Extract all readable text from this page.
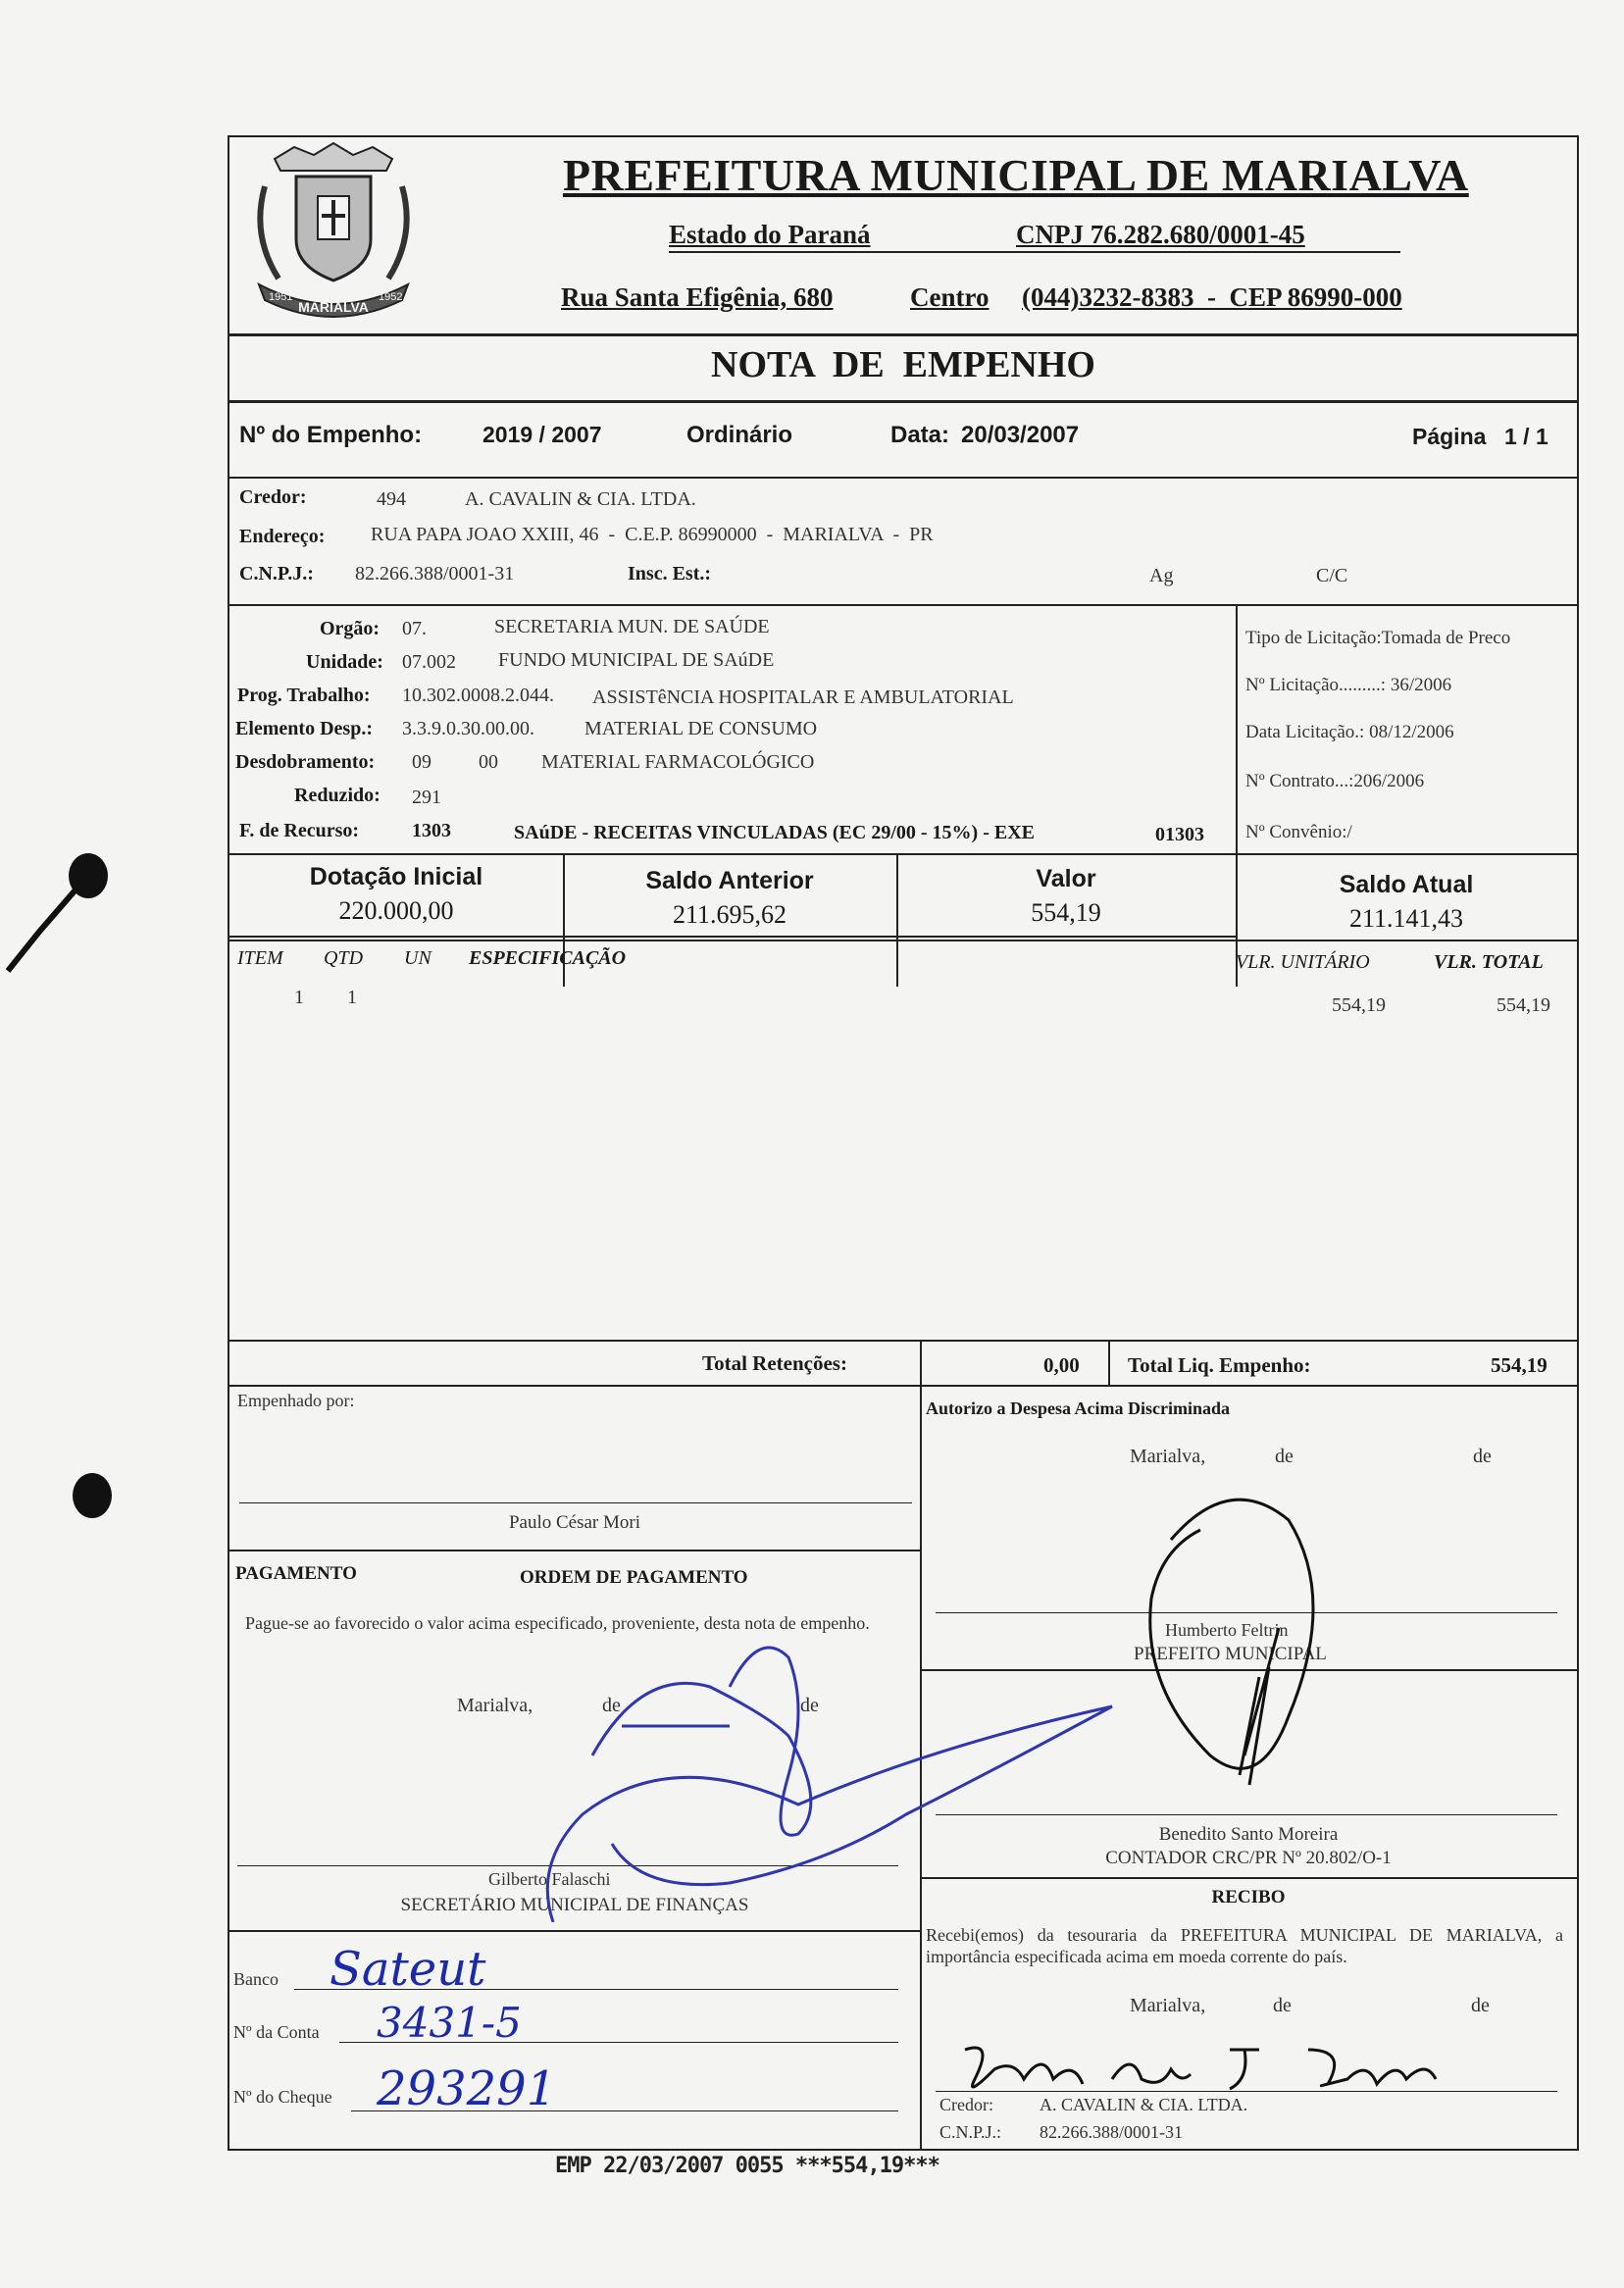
MARIALVA
1951	1952
PREFEITURA MUNICIPAL DE MARIALVA
Estado do Paraná	CNPJ 76.282.680/0001-45
Rua Santa Efigênia, 680	Centro (044)3232-8383  -  CEP 86990-000
NOTA  DE  EMPENHO
Nº do Empenho:	2019 / 2007	Ordinário	Data: 20/03/2007	Página 1 / 1
Credor:	494	A. CAVALIN & CIA. LTDA.
Endereço: RUA PAPA JOAO XXIII, 46  -  C.E.P. 86990000  -  MARIALVA  -  PR
C.N.P.J.: 82.266.388/0001-31	Insc. Est.:	Ag	C/C
Orgão: 07.	SECRETARIA MUN. DE SAÚDE
Unidade: 07.002 FUNDO MUNICIPAL DE SAúDE
Prog. Trabalho: 10.302.0008.2.044. ASSISTêNCIA HOSPITALAR E AMBULATORIAL
Elemento Desp.: 3.3.9.0.30.00.00.	MATERIAL DE CONSUMO
Desdobramento: 09 00 MATERIAL FARMACOLÓGICO
Reduzido: 291
F. de Recurso:	1303	SAúDE - RECEITAS VINCULADAS (EC 29/00 - 15%) - EXE	01303
Tipo de Licitação:Tomada de Preco
Nº Licitação.........: 36/2006
Data Licitação.: 08/12/2006
Nº Contrato...:206/2006
Nº Convênio:/
Dotação Inicial
220.000,00
Saldo Anterior
211.695,62
Valor
554,19
Saldo Atual
211.141,43
ITEM QTD UN ESPECIFICAÇÃO	VLR. UNITÁRIO	VLR. TOTAL
1 1	554,19	554,19
Total Retenções:	0,00 Total Liq. Empenho:	554,19
Empenhado por:
Paulo César Mori
PAGAMENTO	ORDEM DE PAGAMENTO
Pague-se ao favorecido o valor acima especificado, proveniente, desta nota de empenho.
Marialva,	de	de
Gilberto Falaschi
SECRETÁRIO MUNICIPAL DE FINANÇAS
Banco Sateut
Nº da Conta 3431-5
Nº do Cheque 293291
Autorizo a Despesa Acima Discriminada
Marialva,	de	de
Humberto Feltrin
PREFEITO MUNICIPAL
Benedito Santo Moreira
CONTADOR CRC/PR Nº 20.802/O-1
RECIBO
Recebi(emos) da tesouraria da PREFEITURA MUNICIPAL DE MARIALVA, a importância especificada acima em moeda corrente do país.
Marialva,	de	de
Credor:	A. CAVALIN & CIA. LTDA.
C.N.P.J.: 82.266.388/0001-31
EMP 22/03/2007 0055 ***554,19***
